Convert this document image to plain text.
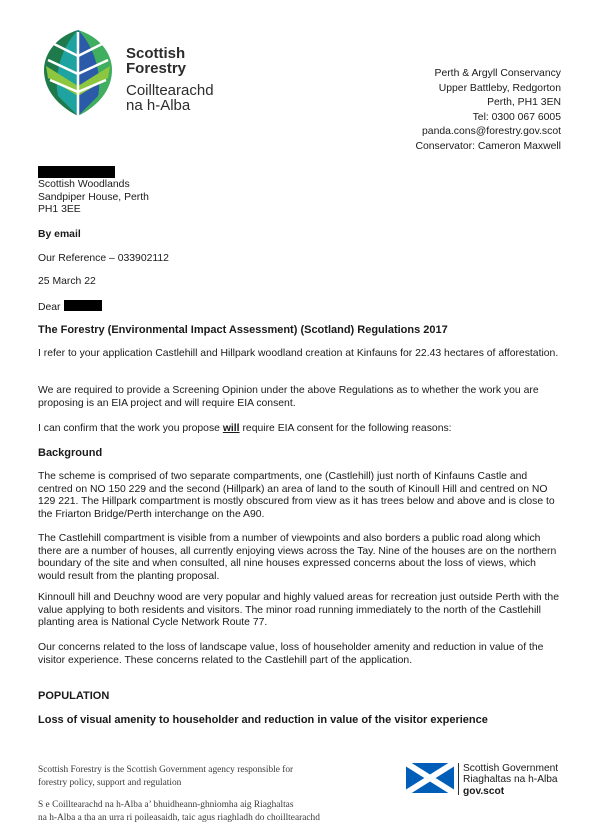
Scottish
Forestry
Coilltearachd
na h-Alba
Perth & Argyll Conservancy
Upper Battleby, Redgorton
Perth, PH1 3EN
Tel: 0300 067 6005
panda.cons@forestry.gov.scot
Conservator: Cameron Maxwell
Scottish Woodlands
Sandpiper House, Perth
PH1 3EE
By email
Our Reference – 033902112
25 March 22
Dear
The Forestry (Environmental Impact Assessment) (Scotland) Regulations 2017
I refer to your application Castlehill and Hillpark woodland creation at Kinfauns for 22.43 hectares of afforestation.
We are required to provide a Screening Opinion under the above Regulations as to whether the work you are proposing is an EIA project and will require EIA consent.
I can confirm that the work you propose will require EIA consent for the following reasons:
Background
The scheme is comprised of two separate compartments, one (Castlehill) just north of Kinfauns Castle and centred on NO 150 229 and the second (Hillpark) an area of land to the south of Kinoull Hill and centred on NO 129 221. The Hillpark compartment is mostly obscured from view as it has trees below and above and is close to the Friarton Bridge/Perth interchange on the A90.
The Castlehill compartment is visible from a number of viewpoints and also borders a public road along which there are a number of houses, all currently enjoying views across the Tay. Nine of the houses are on the northern boundary of the site and when consulted, all nine houses expressed concerns about the loss of views, which would result from the planting proposal.
Kinnoull hill and Deuchny wood are very popular and highly valued areas for recreation just outside Perth with the value applying to both residents and visitors. The minor road running immediately to the north of the Castlehill planting area is National Cycle Network Route 77.
Our concerns related to the loss of landscape value, loss of householder amenity and reduction in value of the visitor experience. These concerns related to the Castlehill part of the application.
POPULATION
Loss of visual amenity to householder and reduction in value of the visitor experience
Scottish Forestry is the Scottish Government agency responsible for
forestry policy, support and regulation
S e Coilltearachd na h-Alba a’ bhuidheann-ghnìomha aig Riaghaltas
na h-Alba a tha an urra ri poileasaidh, taic agus riaghladh do choilltearachd
Scottish Government
Riaghaltas na h-Alba
gov.scot
